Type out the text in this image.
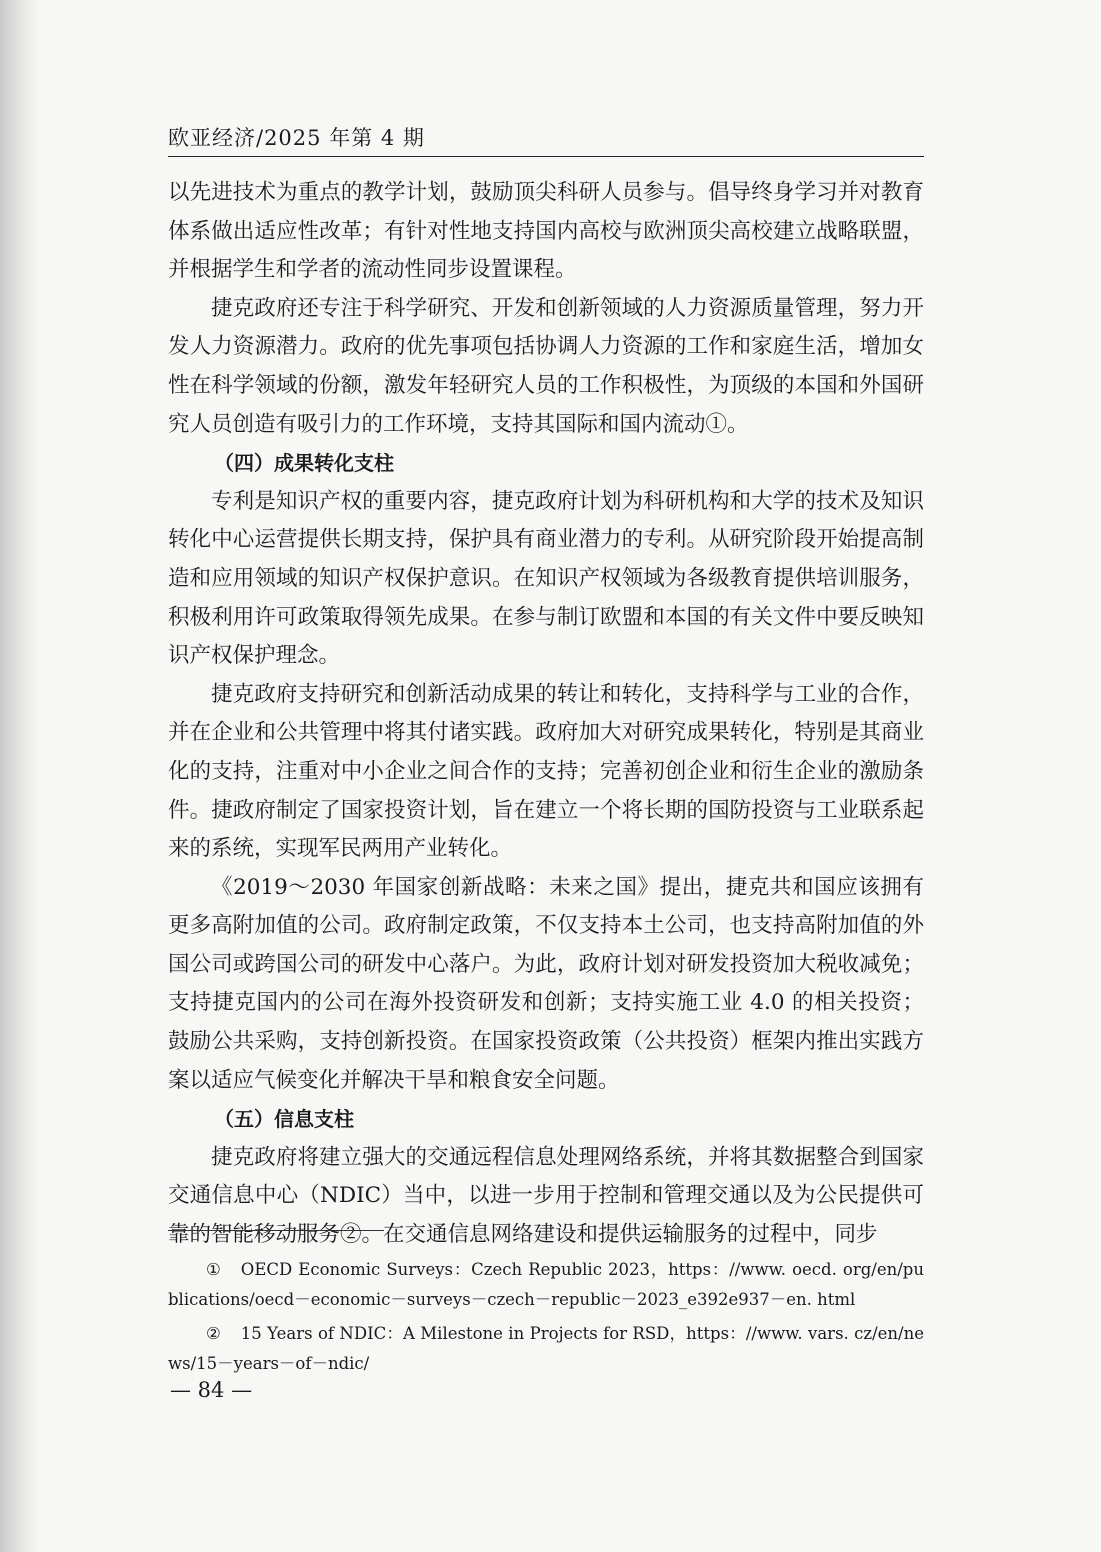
欧亚经济/2025 年第 4 期

以先进技术为重点的教学计划，鼓励顶尖科研人员参与。倡导终身学习并对教育体系做出适应性改革；有针对性地支持国内高校与欧洲顶尖高校建立战略联盟，并根据学生和学者的流动性同步设置课程。

捷克政府还专注于科学研究、开发和创新领域的人力资源质量管理，努力开发人力资源潜力。政府的优先事项包括协调人力资源的工作和家庭生活，增加女性在科学领域的份额，激发年轻研究人员的工作积极性，为顶级的本国和外国研究人员创造有吸引力的工作环境，支持其国际和国内流动①。

（四）成果转化支柱

专利是知识产权的重要内容，捷克政府计划为科研机构和大学的技术及知识转化中心运营提供长期支持，保护具有商业潜力的专利。从研究阶段开始提高制造和应用领域的知识产权保护意识。在知识产权领域为各级教育提供培训服务，积极利用许可政策取得领先成果。在参与制订欧盟和本国的有关文件中要反映知识产权保护理念。

捷克政府支持研究和创新活动成果的转让和转化，支持科学与工业的合作，并在企业和公共管理中将其付诸实践。政府加大对研究成果转化，特别是其商业化的支持，注重对中小企业之间合作的支持；完善初创企业和衍生企业的激励条件。捷政府制定了国家投资计划，旨在建立一个将长期的国防投资与工业联系起来的系统，实现军民两用产业转化。

《2019～2030 年国家创新战略：未来之国》提出，捷克共和国应该拥有更多高附加值的公司。政府制定政策，不仅支持本土公司，也支持高附加值的外国公司或跨国公司的研发中心落户。为此，政府计划对研发投资加大税收减免；支持捷克国内的公司在海外投资研发和创新；支持实施工业 4.0 的相关投资；鼓励公共采购，支持创新投资。在国家投资政策（公共投资）框架内推出实践方案以适应气候变化并解决干旱和粮食安全问题。

（五）信息支柱

捷克政府将建立强大的交通远程信息处理网络系统，并将其数据整合到国家交通信息中心（NDIC）当中，以进一步用于控制和管理交通以及为公民提供可靠的智能移动服务②。在交通信息网络建设和提供运输服务的过程中，同步

① OECD Economic Surveys：Czech Republic 2023，https：//www. oecd. org/en/publications/oecd－economic－surveys－czech－republic－2023_e392e937－en. html

② 15 Years of NDIC：A Milestone in Projects for RSD，https：//www. vars. cz/en/news/15－years－of－ndic/

— 84 —
